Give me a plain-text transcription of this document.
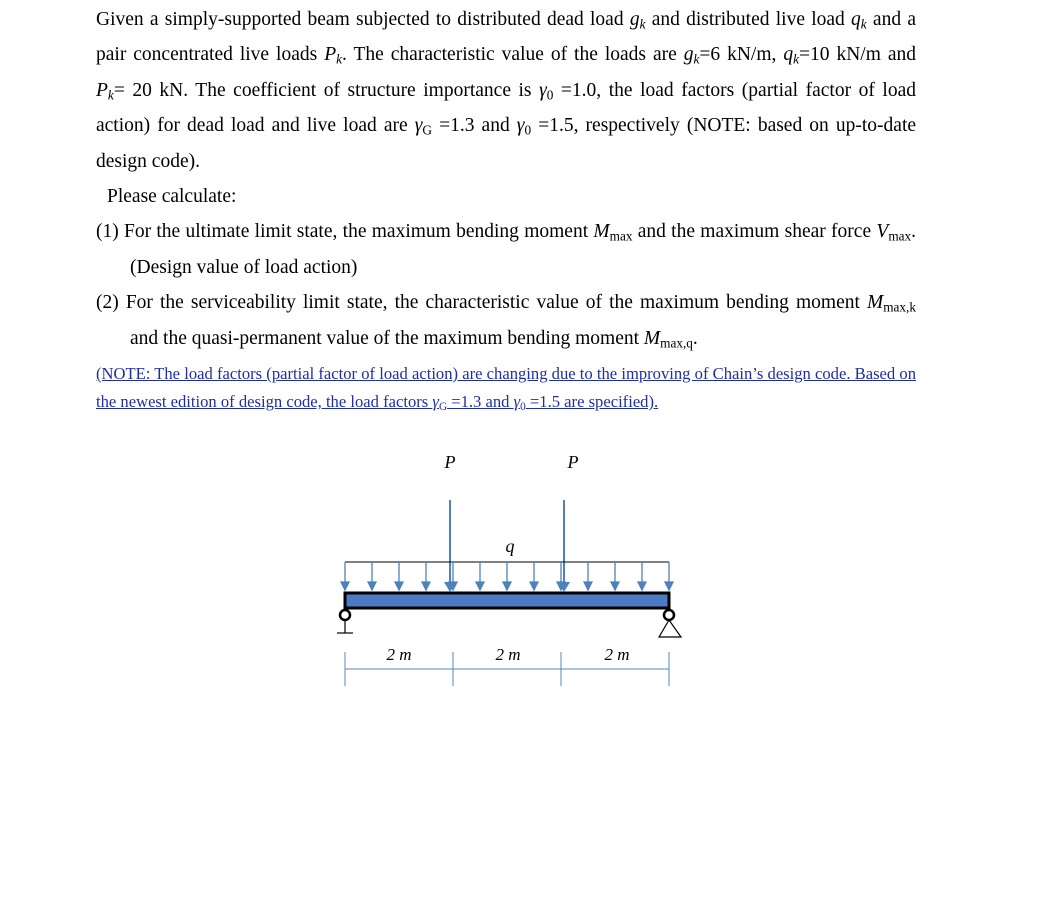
Given a simply-supported beam subjected to distributed dead load $g_k$ and distributed live load $q_k$ and a pair concentrated live loads $P_k$. The characteristic value of the loads are $g_k=6$ kN/m, $q_k=10$ kN/m and $P_k= 20$ kN. The coefficient of structure importance is $\gamma_0 =1.0$, the load factors (partial factor of load action) for dead load and live load are $\gamma_G =1.3$ and $\gamma_0 =1.5$, respectively (NOTE: based on up-to-date design code).

Please calculate:

(1) For the ultimate limit state, the maximum bending moment $M_{max}$ and the maximum shear force $V_{max}$. (Design value of load action)

(2) For the serviceability limit state, the characteristic value of the maximum bending moment $M_{max,k}$ and the quasi-permanent value of the maximum bending moment $M_{max,q}$.

(NOTE: The load factors (partial factor of load action) are changing due to the improving of Chain’s design code. Based on the newest edition of design code, the load factors $\gamma_G =1.3$ and $\gamma_0 =1.5$ are specified).

P	P
q
2 m	2 m	2 m
